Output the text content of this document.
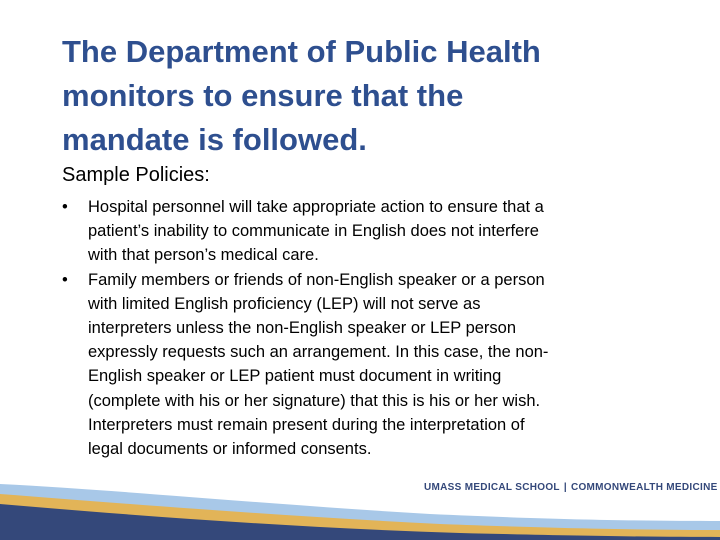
The Department of Public Health
monitors to ensure that the
mandate is followed.
Sample Policies:
•	Hospital personnel will take appropriate action to ensure that a
patient’s inability to communicate in English does not interfere
with that person’s medical care.
•	Family members or friends of non-English speaker or a person
with limited English proficiency (LEP) will not serve as
interpreters unless the non-English speaker or LEP person
expressly requests such an arrangement. In this case, the non-
English speaker or LEP patient must document in writing
(complete with his or her signature) that this is his or her wish.
Interpreters must remain present during the interpretation of
legal documents or informed consents.
UMASS MEDICAL SCHOOL | COMMONWEALTH MEDICINE
